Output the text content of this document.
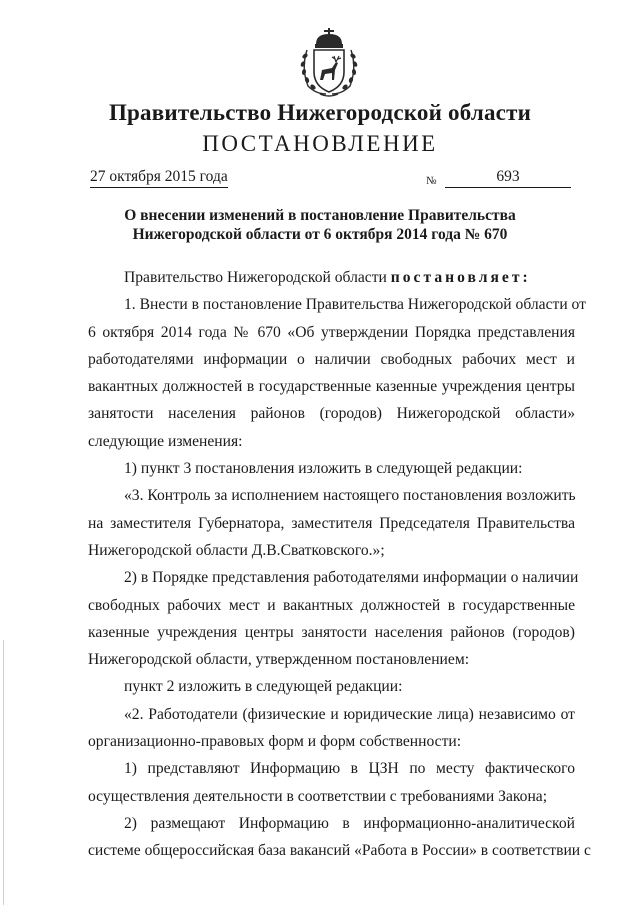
Правительство Нижегородской области
ПОСТАНОВЛЕНИЕ
27 октября 2015 года	№	693
О внесении изменений в постановление Правительства
Нижегородской области от 6 октября 2014 года № 670

Правительство Нижегородской области постановляет:

1. Внести в постановление Правительства Нижегородской области от
6 октября 2014 года № 670 «Об утверждении Порядка представления
работодателями информации о наличии свободных рабочих мест и
вакантных должностей в государственные казенные учреждения центры
занятости населения районов (городов) Нижегородской области»
следующие изменения:

1) пункт 3 постановления изложить в следующей редакции:

«3. Контроль за исполнением настоящего постановления возложить
на заместителя Губернатора, заместителя Председателя Правительства
Нижегородской области Д.В.Сватковского.»;

2) в Порядке представления работодателями информации о наличии
свободных рабочих мест и вакантных должностей в государственные
казенные учреждения центры занятости населения районов (городов)
Нижегородской области, утвержденном постановлением:

пункт 2 изложить в следующей редакции:

«2. Работодатели (физические и юридические лица) независимо от
организационно-правовых форм и форм собственности:

1) представляют Информацию в ЦЗН по месту фактического
осуществления деятельности в соответствии с требованиями Закона;

2) размещают Информацию в информационно-аналитической
системе общероссийская база вакансий «Работа в России» в соответствии с
